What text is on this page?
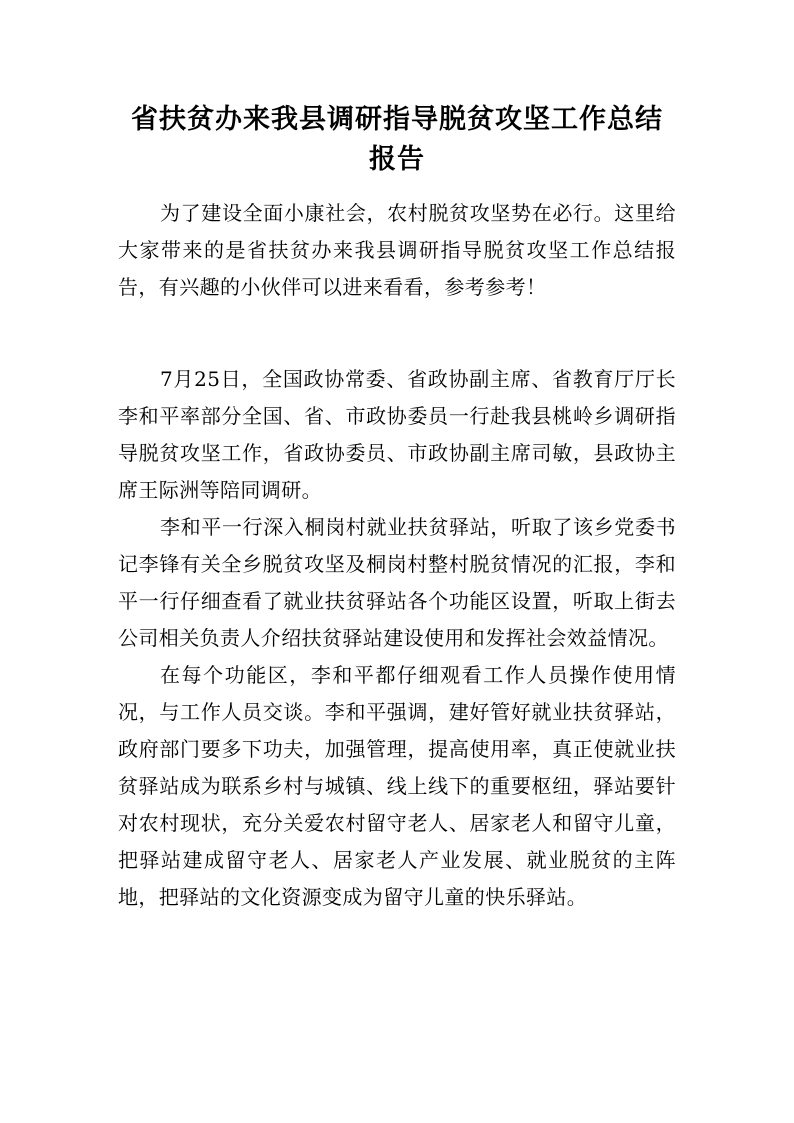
省扶贫办来我县调研指导脱贫攻坚工作总结报告

为了建设全面小康社会，农村脱贫攻坚势在必行。这里给大家带来的是省扶贫办来我县调研指导脱贫攻坚工作总结报告，有兴趣的小伙伴可以进来看看，参考参考！

7月25日，全国政协常委、省政协副主席、省教育厅厅长李和平率部分全国、省、市政协委员一行赴我县桃岭乡调研指导脱贫攻坚工作，省政协委员、市政协副主席司敏，县政协主席王际洲等陪同调研。

李和平一行深入桐岗村就业扶贫驿站，听取了该乡党委书记李锋有关全乡脱贫攻坚及桐岗村整村脱贫情况的汇报，李和平一行仔细查看了就业扶贫驿站各个功能区设置，听取上街去公司相关负责人介绍扶贫驿站建设使用和发挥社会效益情况。

在每个功能区，李和平都仔细观看工作人员操作使用情况，与工作人员交谈。李和平强调，建好管好就业扶贫驿站，政府部门要多下功夫，加强管理，提高使用率，真正使就业扶贫驿站成为联系乡村与城镇、线上线下的重要枢纽，驿站要针对农村现状，充分关爱农村留守老人、居家老人和留守儿童，把驿站建成留守老人、居家老人产业发展、就业脱贫的主阵地，把驿站的文化资源变成为留守儿童的快乐驿站。
